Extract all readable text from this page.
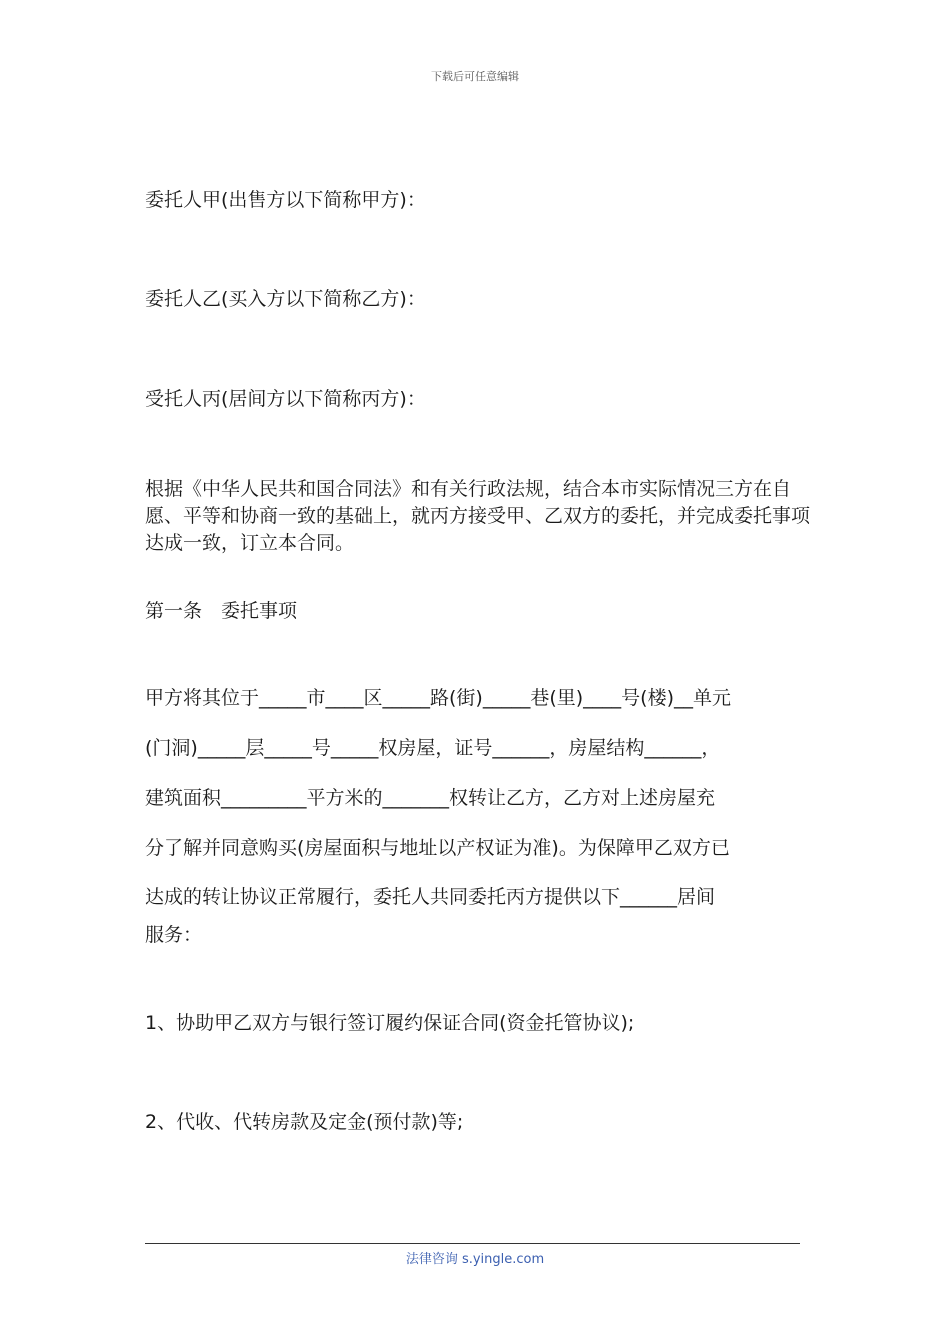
下载后可任意编辑
委托人甲(出售方以下简称甲方)：
委托人乙(买入方以下简称乙方)：
受托人丙(居间方以下简称丙方)：
根据《中华人民共和国合同法》和有关行政法规，结合本市实际情况三方在自愿、平等和协商一致的基础上，就丙方接受甲、乙双方的委托，并完成委托事项达成一致，订立本合同。
第一条　委托事项
甲方将其位于_____市____区_____路(街)_____巷(里)____号(楼)__单元
(门洞)_____层_____号_____权房屋，证号______，房屋结构______，
建筑面积_________平方米的_______权转让乙方，乙方对上述房屋充
分了解并同意购买(房屋面积与地址以产权证为准)。为保障甲乙双方已
达成的转让协议正常履行，委托人共同委托丙方提供以下______居间
服务：
1、协助甲乙双方与银行签订履约保证合同(资金托管协议);
2、代收、代转房款及定金(预付款)等;
法律咨询 s.yingle.com
